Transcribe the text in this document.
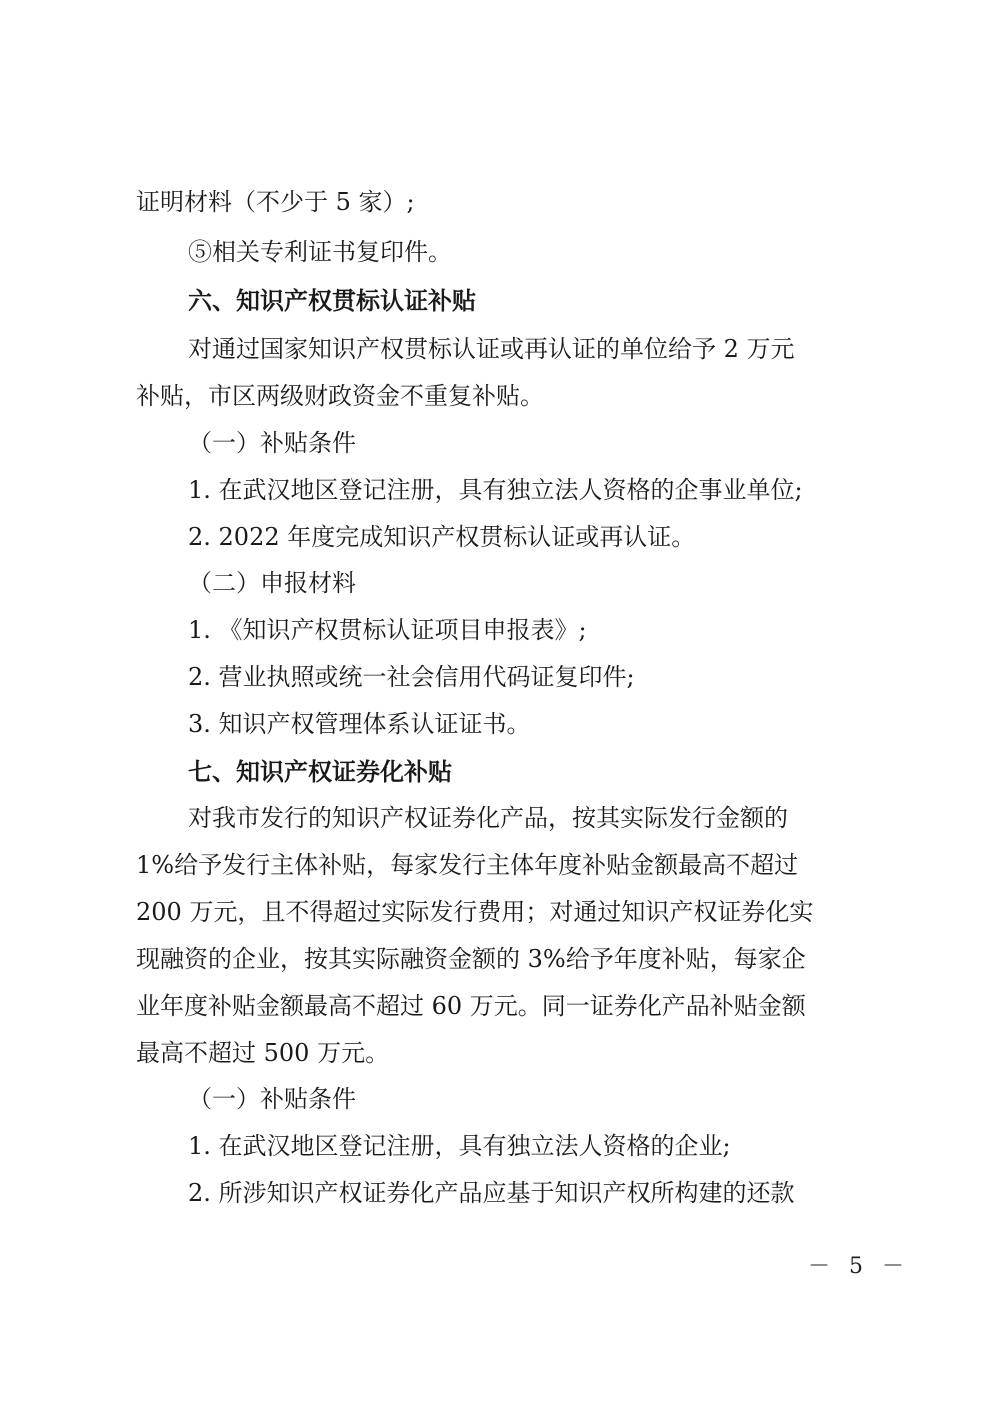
证明材料（不少于 5 家）;
⑤相关专利证书复印件。
六、知识产权贯标认证补贴
对通过国家知识产权贯标认证或再认证的单位给予 2 万元
补贴，市区两级财政资金不重复补贴。
（一）补贴条件
1. 在武汉地区登记注册，具有独立法人资格的企事业单位;
2. 2022 年度完成知识产权贯标认证或再认证。
（二）申报材料
1. 《知识产权贯标认证项目申报表》;
2. 营业执照或统一社会信用代码证复印件;
3. 知识产权管理体系认证证书。
七、知识产权证券化补贴
对我市发行的知识产权证券化产品，按其实际发行金额的
1%给予发行主体补贴，每家发行主体年度补贴金额最高不超过
200 万元，且不得超过实际发行费用；对通过知识产权证券化实
现融资的企业，按其实际融资金额的 3%给予年度补贴，每家企
业年度补贴金额最高不超过 60 万元。同一证券化产品补贴金额
最高不超过 500 万元。
（一）补贴条件
1. 在武汉地区登记注册，具有独立法人资格的企业;
2. 所涉知识产权证券化产品应基于知识产权所构建的还款
－ 5 －
